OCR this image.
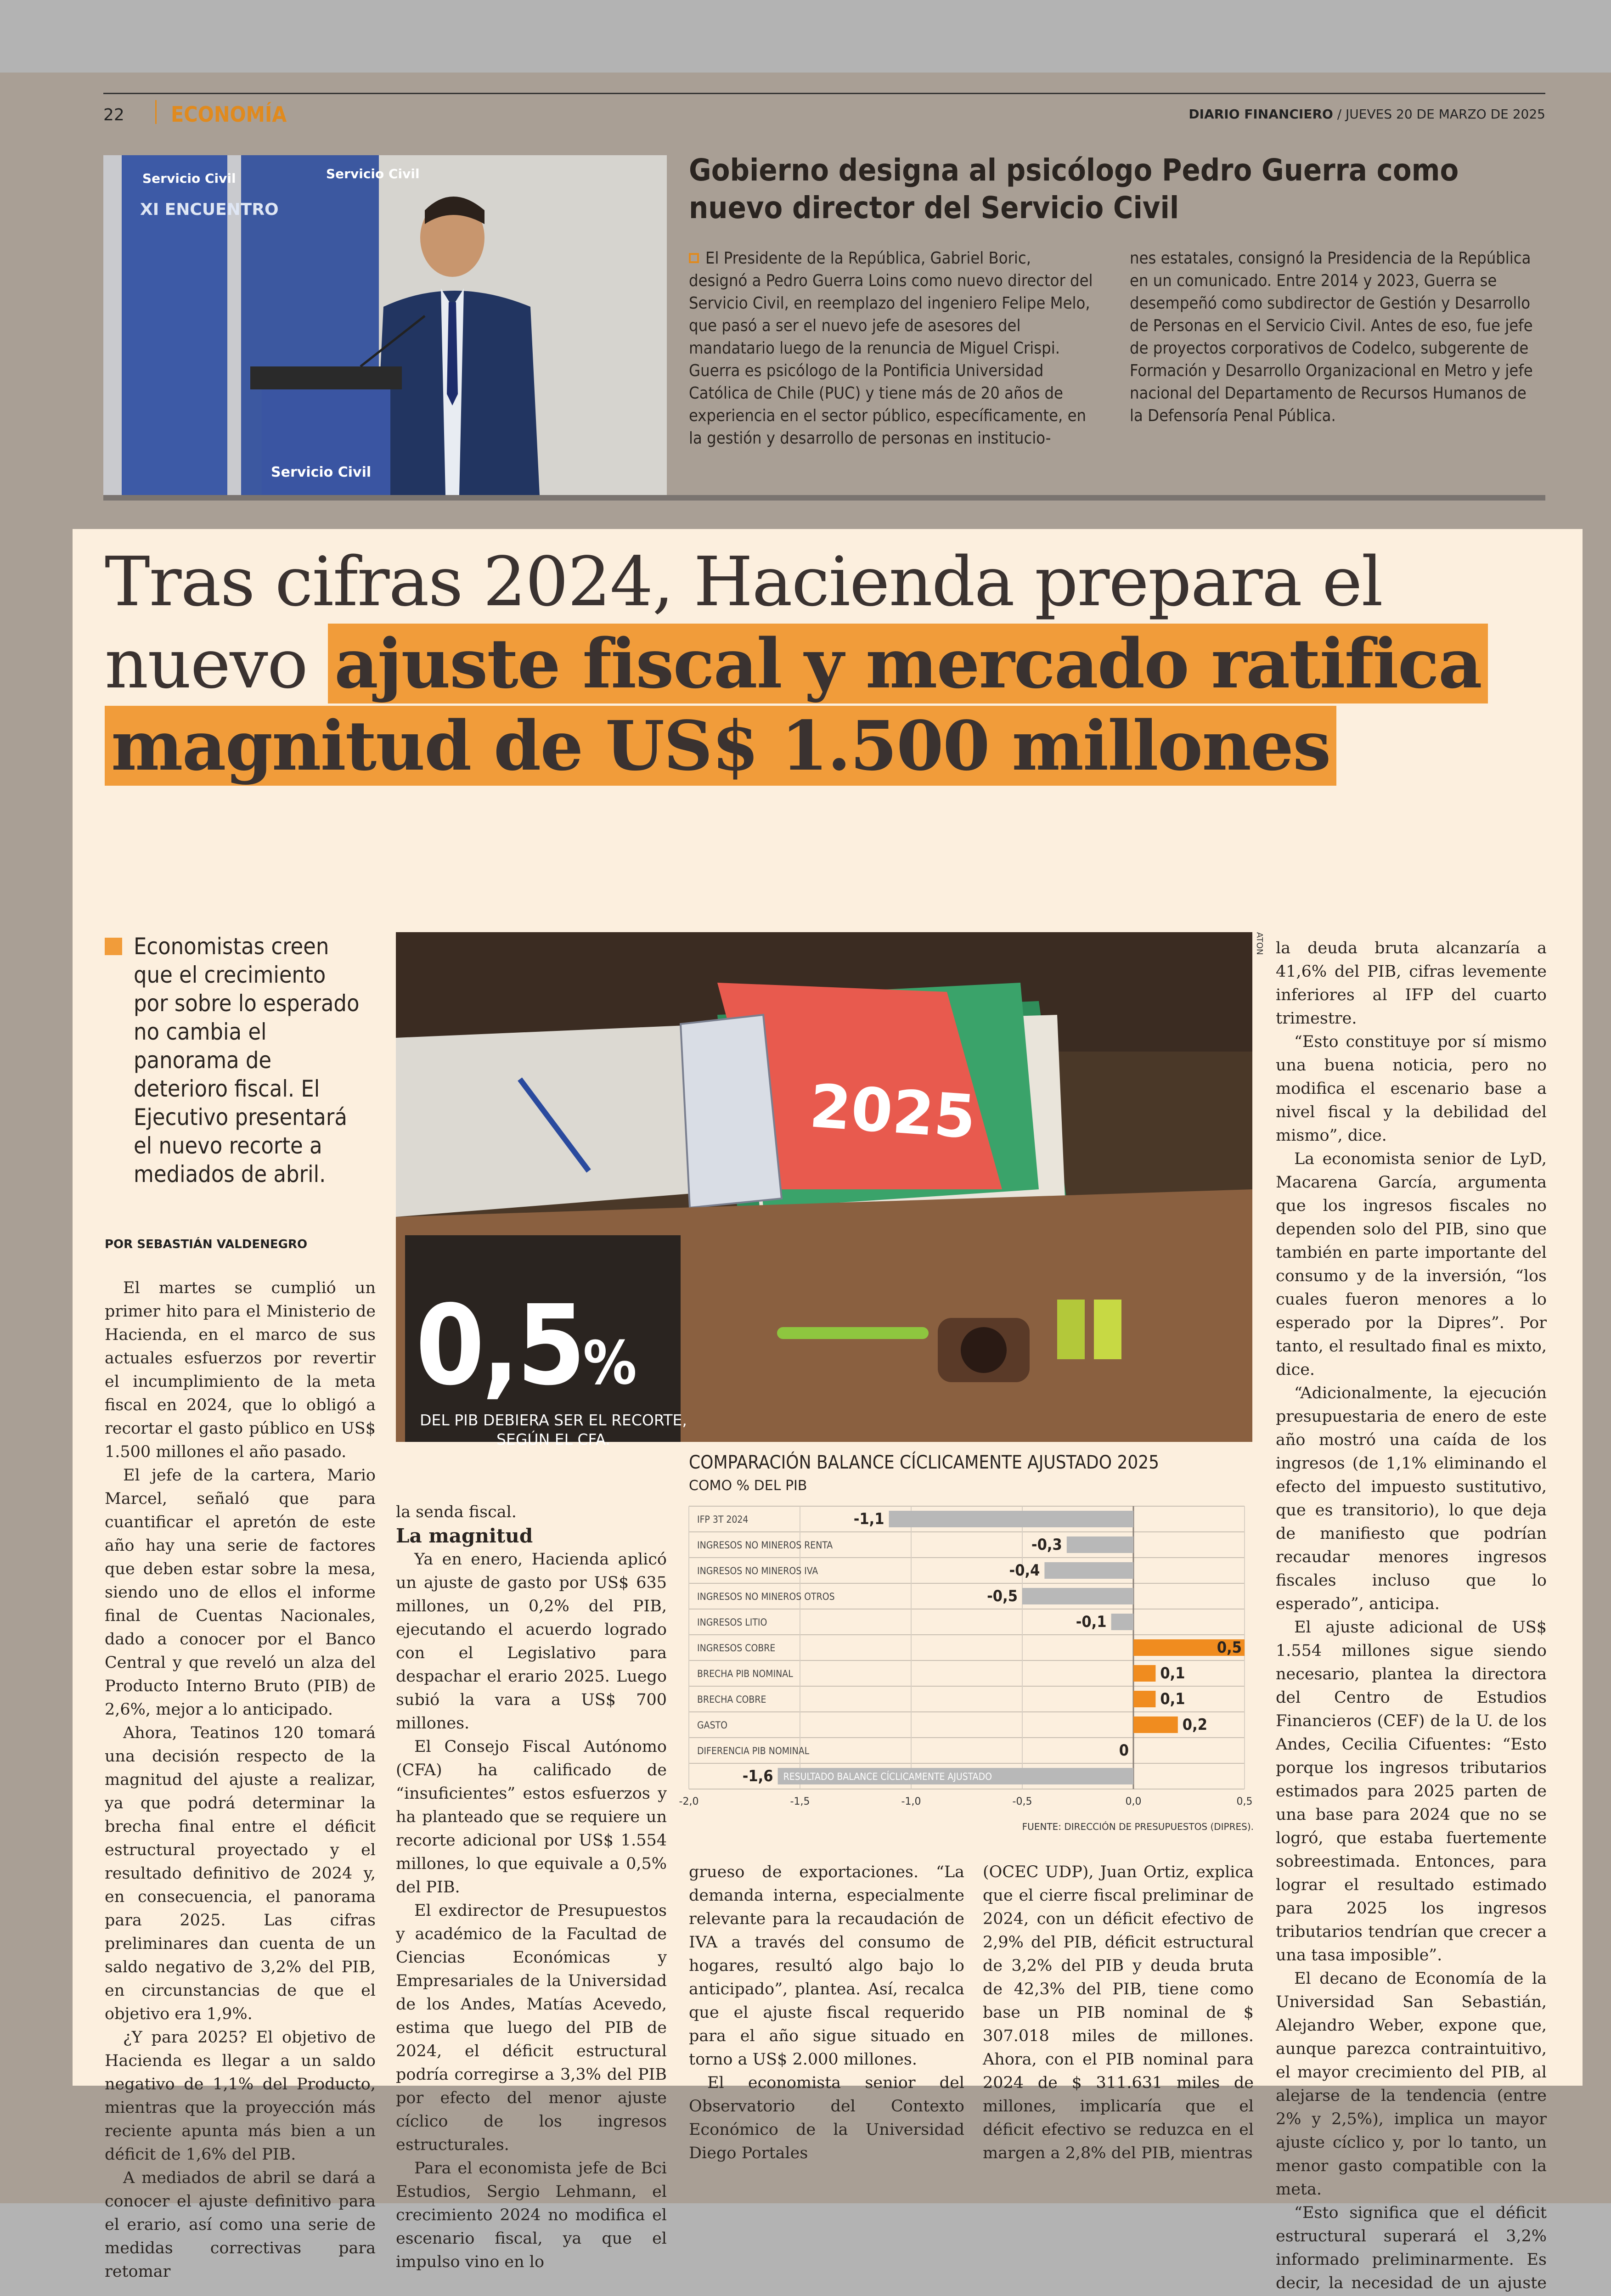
22 ECONOMÍA	DIARIO FINANCIERO / JUEVES 20 DE MARZO DE 2025
Servicio Civil
XI ENCUENTRO
Servicio Civil
Servicio Civil
Gobierno designa al psicólogo Pedro Guerra como nuevo director del Servicio Civil
El Presidente de la República, Gabriel Boric, designó a Pedro Guerra Loins como nuevo director del Servicio Civil, en reemplazo del ingeniero Felipe Melo, que pasó a ser el nuevo jefe de asesores del mandatario luego de la renuncia de Miguel Crispi. Guerra es psicólogo de la Pontificia Universidad Católica de Chile (PUC) y tiene más de 20 años de experiencia en el sector público, específicamente, en la gestión y desarrollo de personas en institucio-
nes estatales, consignó la Presidencia de la República en un comunicado. Entre 2014 y 2023, Guerra se desempeñó como subdirector de Gestión y Desarrollo de Personas en el Servicio Civil. Antes de eso, fue jefe de proyectos corporativos de Codelco, subgerente de Formación y Desarrollo Organizacional en Metro y jefe nacional del Departamento de Recursos Humanos de la Defensoría Penal Pública.
Tras cifras 2024, Hacienda prepara el nuevo ajuste fiscal y mercado ratifica magnitud de US$ 1.500 millones
Economistas creen que el crecimiento por sobre lo esperado no cambia el panorama de deterioro fiscal. El Ejecutivo presentará el nuevo recorte a mediados de abril.
POR SEBASTIÁN VALDENEGRO

El martes se cumplió un primer hito para el Ministerio de Hacienda, en el marco de sus actuales esfuerzos por revertir el incumplimiento de la meta fiscal en 2024, que lo obligó a recortar el gasto público en US$ 1.500 millones el año pasado.

El jefe de la cartera, Mario Marcel, señaló que para cuantificar el apretón de este año hay una serie de factores que deben estar sobre la mesa, siendo uno de ellos el informe final de Cuentas Nacionales, dado a conocer por el Banco Central y que reveló un alza del Producto Interno Bruto (PIB) de 2,6%, mejor a lo anticipado.

Ahora, Teatinos 120 tomará una decisión respecto de la magnitud del ajuste a realizar, ya que podrá determinar la brecha final entre el déficit estructural proyectado y el resultado definitivo de 2024 y, en consecuencia, el panorama para 2025. Las cifras preliminares dan cuenta de un saldo negativo de 3,2% del PIB, en circunstancias de que el objetivo era 1,9%.

¿Y para 2025? El objetivo de Hacienda es llegar a un saldo negativo de 1,1% del Producto, mientras que la proyección más reciente apunta más bien a un déficit de 1,6% del PIB.

A mediados de abril se dará a conocer el ajuste definitivo para el erario, así como una serie de medidas correctivas para retomar

la senda fiscal.

La magnitud

Ya en enero, Hacienda aplicó un ajuste de gasto por US$ 635 millones, un 0,2% del PIB, ejecutando el acuerdo logrado con el Legislativo para despachar el erario 2025. Luego subió la vara a US$ 700 millones.

El Consejo Fiscal Autónomo (CFA) ha calificado de “insuficientes” estos esfuerzos y ha planteado que se requiere un recorte adicional por US$ 1.554 millones, lo que equivale a 0,5% del PIB.

El exdirector de Presupuestos y académico de la Facultad de Ciencias Económicas y Empresariales de la Universidad de los Andes, Matías Acevedo, estima que luego del PIB de 2024, el déficit estructural podría corregirse a 3,3% del PIB por efecto del menor ajuste cíclico de los ingresos estructurales.

Para el economista jefe de Bci Estudios, Sergio Lehmann, el crecimiento 2024 no modifica el escenario fiscal, ya que el impulso vino en lo

2025
ATON
0,5%
DEL PIB DEBIERA SER EL RECORTE, SEGÚN EL CFA.
COMPARACIÓN BALANCE CÍCLICAMENTE AJUSTADO 2025
COMO % DEL PIB
-2,0	-1,5	-1,0	-0,5	0,0	0,5
IFP 3T 2024	-1,1
INGRESOS NO MINEROS RENTA	-0,3
INGRESOS NO MINEROS IVA	-0,4
INGRESOS NO MINEROS OTROS	-0,5
INGRESOS LITIO	-0,1
INGRESOS COBRE	0,5
BRECHA PIB NOMINAL	0,1
BRECHA COBRE	0,1
GASTO	0,2
DIFERENCIA PIB NOMINAL	0
RESULTADO BALANCE CÍCLICAMENTE AJUSTADO
-1,6
FUENTE: DIRECCIÓN DE PRESUPUESTOS (DIPRES).

grueso de exportaciones. “La demanda interna, especialmente relevante para la recaudación de IVA a través del consumo de hogares, resultó algo bajo lo anticipado”, plantea. Así, recalca que el ajuste fiscal requerido para el año sigue situado en torno a US$ 2.000 millones.

El economista senior del Observatorio del Contexto Económico de la Universidad Diego Portales

(OCEC UDP), Juan Ortiz, explica que el cierre fiscal preliminar de 2024, con un déficit efectivo de 2,9% del PIB, déficit estructural de 3,2% del PIB y deuda bruta de 42,3% del PIB, tiene como base un PIB nominal de $ 307.018 miles de millones. Ahora, con el PIB nominal para 2024 de $ 311.631 miles de millones, implicaría que el déficit efectivo se reduzca en el margen a 2,8% del PIB, mientras

la deuda bruta alcanzaría a 41,6% del PIB, cifras levemente inferiores al IFP del cuarto trimestre.

“Esto constituye por sí mismo una buena noticia, pero no modifica el escenario base a nivel fiscal y la debilidad del mismo”, dice.

La economista senior de LyD, Macarena García, argumenta que los ingresos fiscales no dependen solo del PIB, sino que también en parte importante del consumo y de la inversión, “los cuales fueron menores a lo esperado por la Dipres”. Por tanto, el resultado final es mixto, dice.

“Adicionalmente, la ejecución presupuestaria de enero de este año mostró una caída de los ingresos (de 1,1% eliminando el efecto del impuesto sustitutivo, que es transitorio), lo que deja de manifiesto que podrían recaudar menores ingresos fiscales incluso que lo esperado”, anticipa.

El ajuste adicional de US$ 1.554 millones sigue siendo necesario, plantea la directora del Centro de Estudios Financieros (CEF) de la U. de los Andes, Cecilia Cifuentes: “Esto porque los ingresos tributarios estimados para 2025 parten de una base para 2024 que no se logró, que estaba fuertemente sobreestimada. Entonces, para lograr el resultado estimado para 2025 los ingresos tributarios tendrían que crecer a una tasa imposible”.

El decano de Economía de la Universidad San Sebastián, Alejandro Weber, expone que, aunque parezca contraintuitivo, el mayor crecimiento del PIB, al alejarse de la tendencia (entre 2% y 2,5%), implica un mayor ajuste cíclico y, por lo tanto, un menor gasto compatible con la meta.

“Esto significa que el déficit estructural superará el 3,2% informado preliminarmente. Es decir, la necesidad de un ajuste
